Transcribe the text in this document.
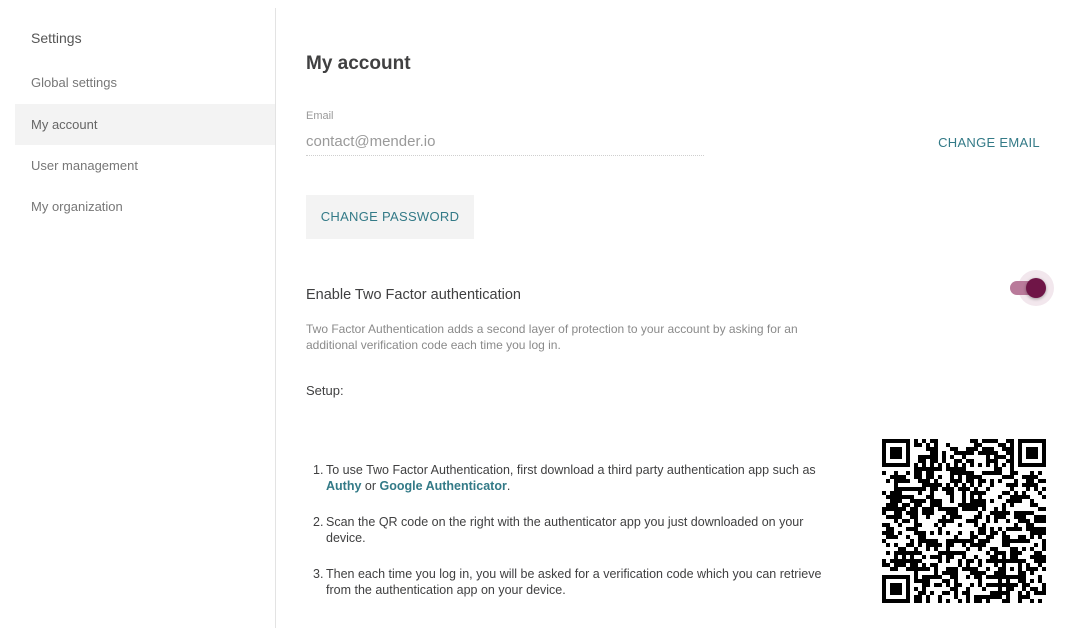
Settings
Global settings
My account
User management
My organization
My account
Email
contact@mender.io
CHANGE EMAIL
CHANGE PASSWORD
Enable Two Factor authentication

Two Factor Authentication adds a second layer of protection to your account by asking for an additional verification code each time you log in.

Setup:
1. To use Two Factor Authentication, first download a third party authentication app such as Authy or Google Authenticator.
2. Scan the QR code on the right with the authenticator app you just downloaded on your device.
3. Then each time you log in, you will be asked for a verification code which you can retrieve from the authentication app on your device.
